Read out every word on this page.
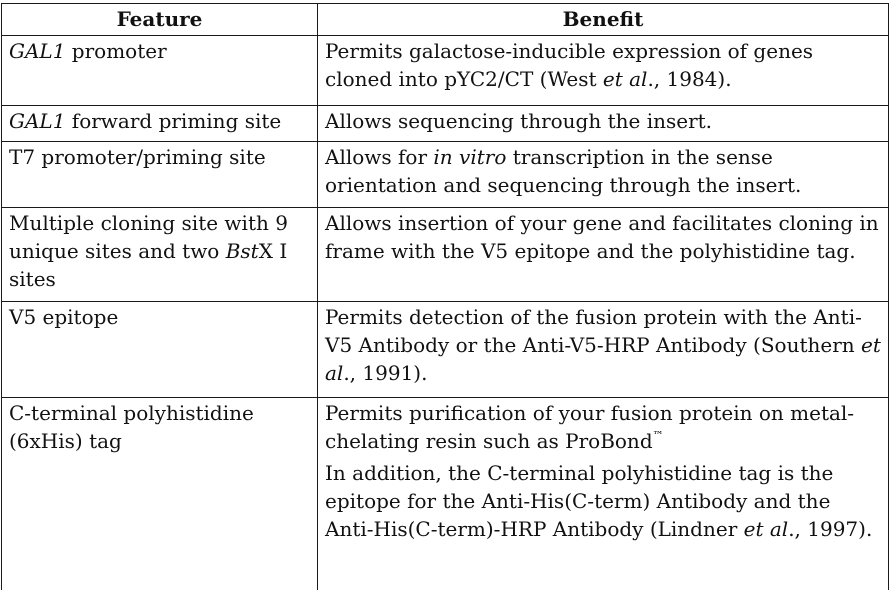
Feature	Benefit
GAL1 promoter	Permits galactose-inducible expression of genes cloned into pYC2/CT (West et al., 1984).
GAL1 forward priming site	Allows sequencing through the insert.
T7 promoter/priming site	Allows for in vitro transcription in the sense orientation and sequencing through the insert.
Multiple cloning site with 9 unique sites and two BstX I sites	Allows insertion of your gene and facilitates cloning in frame with the V5 epitope and the polyhistidine tag.
V5 epitope	Permits detection of the fusion protein with the Anti-V5 Antibody or the Anti-V5-HRP Antibody (Southern et al., 1991).
C-terminal polyhistidine (6xHis) tag	Permits purification of your fusion protein on metal-chelating resin such as ProBond™
In addition, the C-terminal polyhistidine tag is the epitope for the Anti-His(C-term) Antibody and the Anti-His(C-term)-HRP Antibody (Lindner et al., 1997).
